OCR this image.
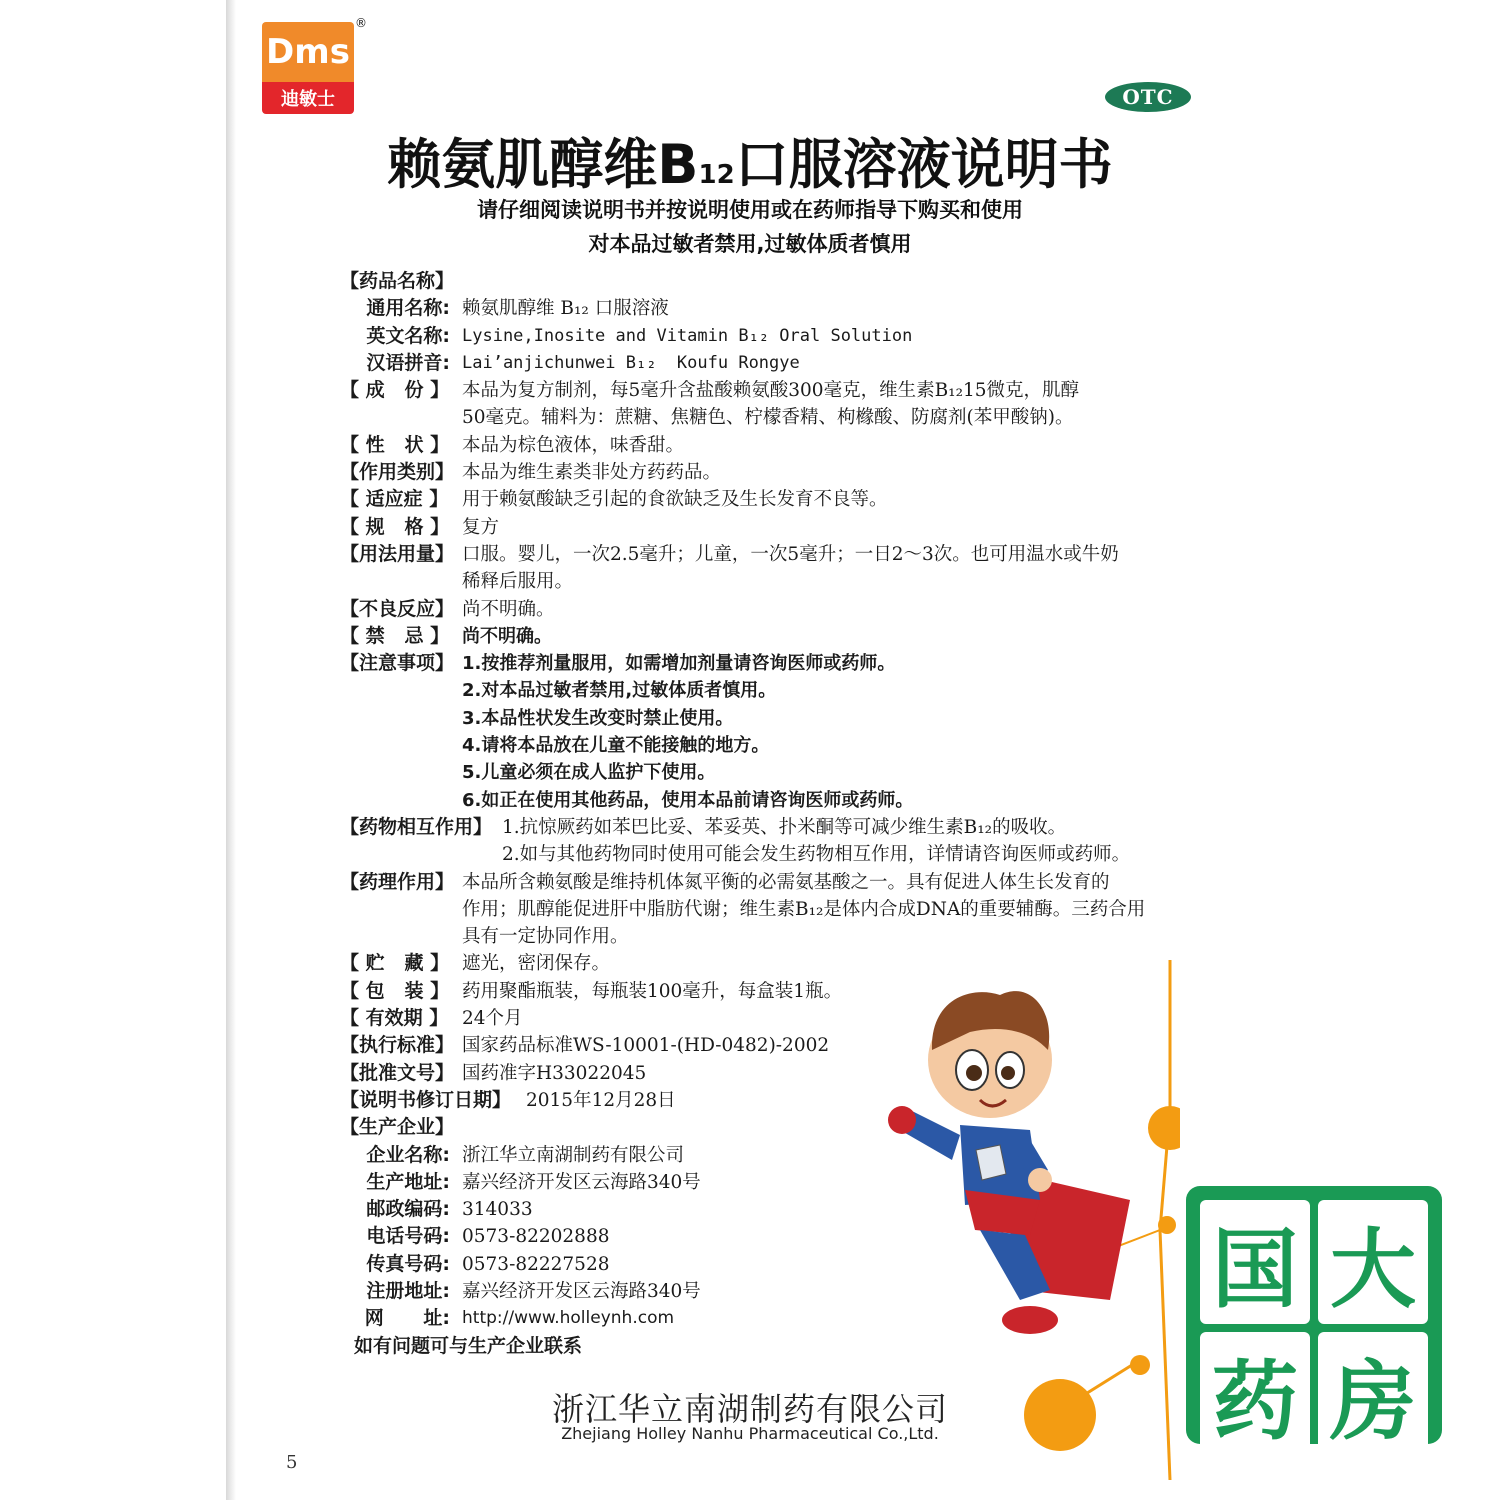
Dms
迪敏士
®
OTC
赖氨肌醇维B12口服溶液说明书
请仔细阅读说明书并按说明使用或在药师指导下购买和使用
对本品过敏者禁用,过敏体质者慎用
【药品名称】
通用名称: 赖氨肌醇维 B₁₂ 口服溶液
英文名称: Lysine,Inosite and Vitamin B₁₂ Oral Solution
汉语拼音: Lai’anjichunwei B₁₂  Koufu Rongye
【 成   份 】 本品为复方制剂，每5毫升含盐酸赖氨酸300毫克，维生素B₁₂15微克，肌醇
50毫克。辅料为：蔗糖、焦糖色、柠檬香精、枸橼酸、防腐剂(苯甲酸钠)。
【 性   状 】 本品为棕色液体，味香甜。
【作用类别】 本品为维生素类非处方药药品。
【 适应症 】 用于赖氨酸缺乏引起的食欲缺乏及生长发育不良等。
【 规   格 】 复方
【用法用量】 口服。婴儿，一次2.5毫升；儿童，一次5毫升；一日2～3次。也可用温水或牛奶
稀释后服用。
【不良反应】 尚不明确。
【 禁   忌 】 尚不明确。
【注意事项】 1.按推荐剂量服用，如需增加剂量请咨询医师或药师。
2.对本品过敏者禁用,过敏体质者慎用。
3.本品性状发生改变时禁止使用。
4.请将本品放在儿童不能接触的地方。
5.儿童必须在成人监护下使用。
6.如正在使用其他药品，使用本品前请咨询医师或药师。
【药物相互作用】 1.抗惊厥药如苯巴比妥、苯妥英、扑米酮等可减少维生素B₁₂的吸收。
2.如与其他药物同时使用可能会发生药物相互作用，详情请咨询医师或药师。
【药理作用】 本品所含赖氨酸是维持机体氮平衡的必需氨基酸之一。具有促进人体生长发育的
作用；肌醇能促进肝中脂肪代谢；维生素B₁₂是体内合成DNA的重要辅酶。三药合用
具有一定协同作用。
【 贮   藏 】 遮光，密闭保存。
【 包   装 】 药用聚酯瓶装，每瓶装100毫升，每盒装1瓶。
【 有效期 】 24个月
【执行标准】 国家药品标准WS-10001-(HD-0482)-2002
【批准文号】 国药准字H33022045
【说明书修订日期】 2015年12月28日
【生产企业】
企业名称: 浙江华立南湖制药有限公司
生产地址: 嘉兴经济开发区云海路340号
邮政编码: 314033
电话号码: 0573-82202888
传真号码: 0573-82227528
注册地址: 嘉兴经济开发区云海路340号
网      址: http://www.holleynh.com
如有问题可与生产企业联系
国 大
药 房
浙江华立南湖制药有限公司
Zhejiang Holley Nanhu Pharmaceutical Co.,Ltd.
5
